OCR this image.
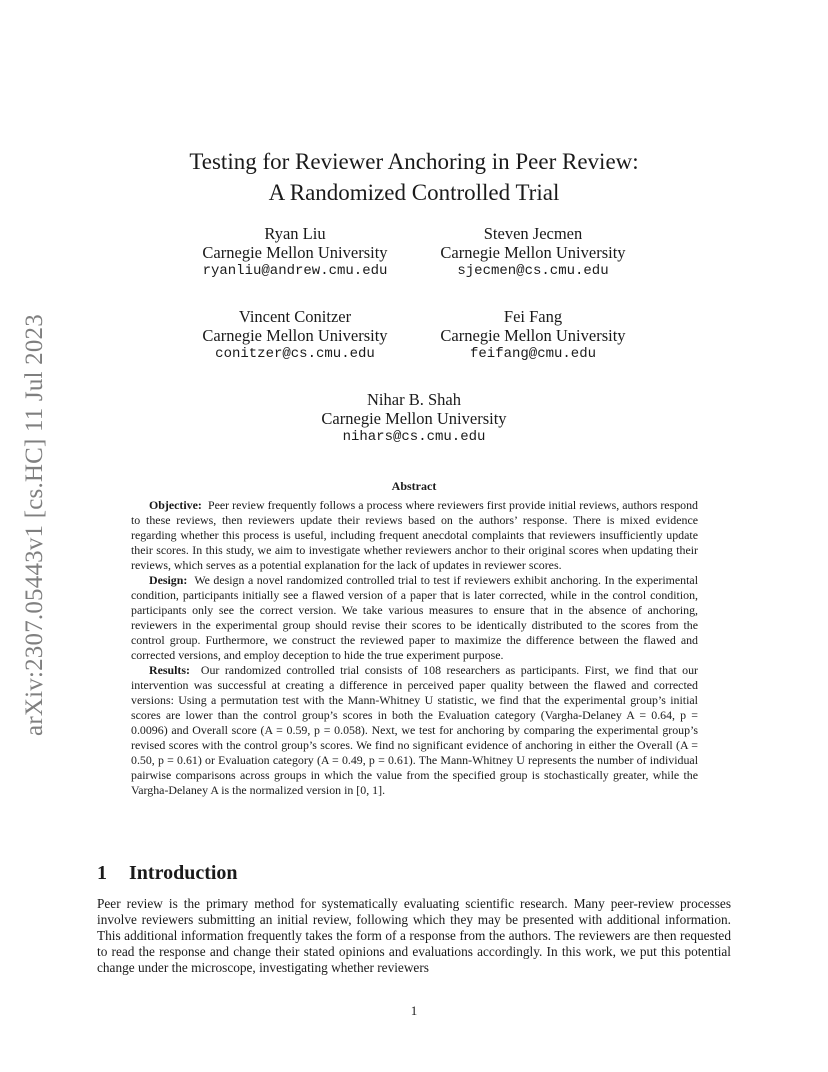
arXiv:2307.05443v1 [cs.HC] 11 Jul 2023
Testing for Reviewer Anchoring in Peer Review:
A Randomized Controlled Trial
Ryan Liu
Carnegie Mellon University
ryanliu@andrew.cmu.edu
Steven Jecmen
Carnegie Mellon University
sjecmen@cs.cmu.edu
Vincent Conitzer
Carnegie Mellon University
conitzer@cs.cmu.edu
Fei Fang
Carnegie Mellon University
feifang@cmu.edu
Nihar B. Shah
Carnegie Mellon University
nihars@cs.cmu.edu
Abstract

Objective: Peer review frequently follows a process where reviewers first provide initial reviews, authors respond to these reviews, then reviewers update their reviews based on the authors’ response. There is mixed evidence regarding whether this process is useful, including frequent anecdotal complaints that reviewers insufficiently update their scores. In this study, we aim to investigate whether reviewers anchor to their original scores when updating their reviews, which serves as a potential explanation for the lack of updates in reviewer scores.

Design: We design a novel randomized controlled trial to test if reviewers exhibit anchoring. In the experimental condition, participants initially see a flawed version of a paper that is later corrected, while in the control condition, participants only see the correct version. We take various measures to ensure that in the absence of anchoring, reviewers in the experimental group should revise their scores to be identically distributed to the scores from the control group. Furthermore, we construct the reviewed paper to maximize the difference between the flawed and corrected versions, and employ deception to hide the true experiment purpose.

Results: Our randomized controlled trial consists of 108 researchers as participants. First, we find that our intervention was successful at creating a difference in perceived paper quality between the flawed and corrected versions: Using a permutation test with the Mann-Whitney U statistic, we find that the experimental group’s initial scores are lower than the control group’s scores in both the Evaluation category (Vargha-Delaney A = 0.64, p = 0.0096) and Overall score (A = 0.59, p = 0.058). Next, we test for anchoring by comparing the experimental group’s revised scores with the control group’s scores. We find no significant evidence of anchoring in either the Overall (A = 0.50, p = 0.61) or Evaluation category (A = 0.49, p = 0.61). The Mann-Whitney U represents the number of individual pairwise comparisons across groups in which the value from the specified group is stochastically greater, while the Vargha-Delaney A is the normalized version in [0, 1].

1 Introduction

Peer review is the primary method for systematically evaluating scientific research. Many peer-review processes involve reviewers submitting an initial review, following which they may be presented with additional information. This additional information frequently takes the form of a response from the authors. The reviewers are then requested to read the response and change their stated opinions and evaluations accordingly. In this work, we put this potential change under the microscope, investigating whether reviewers

1
